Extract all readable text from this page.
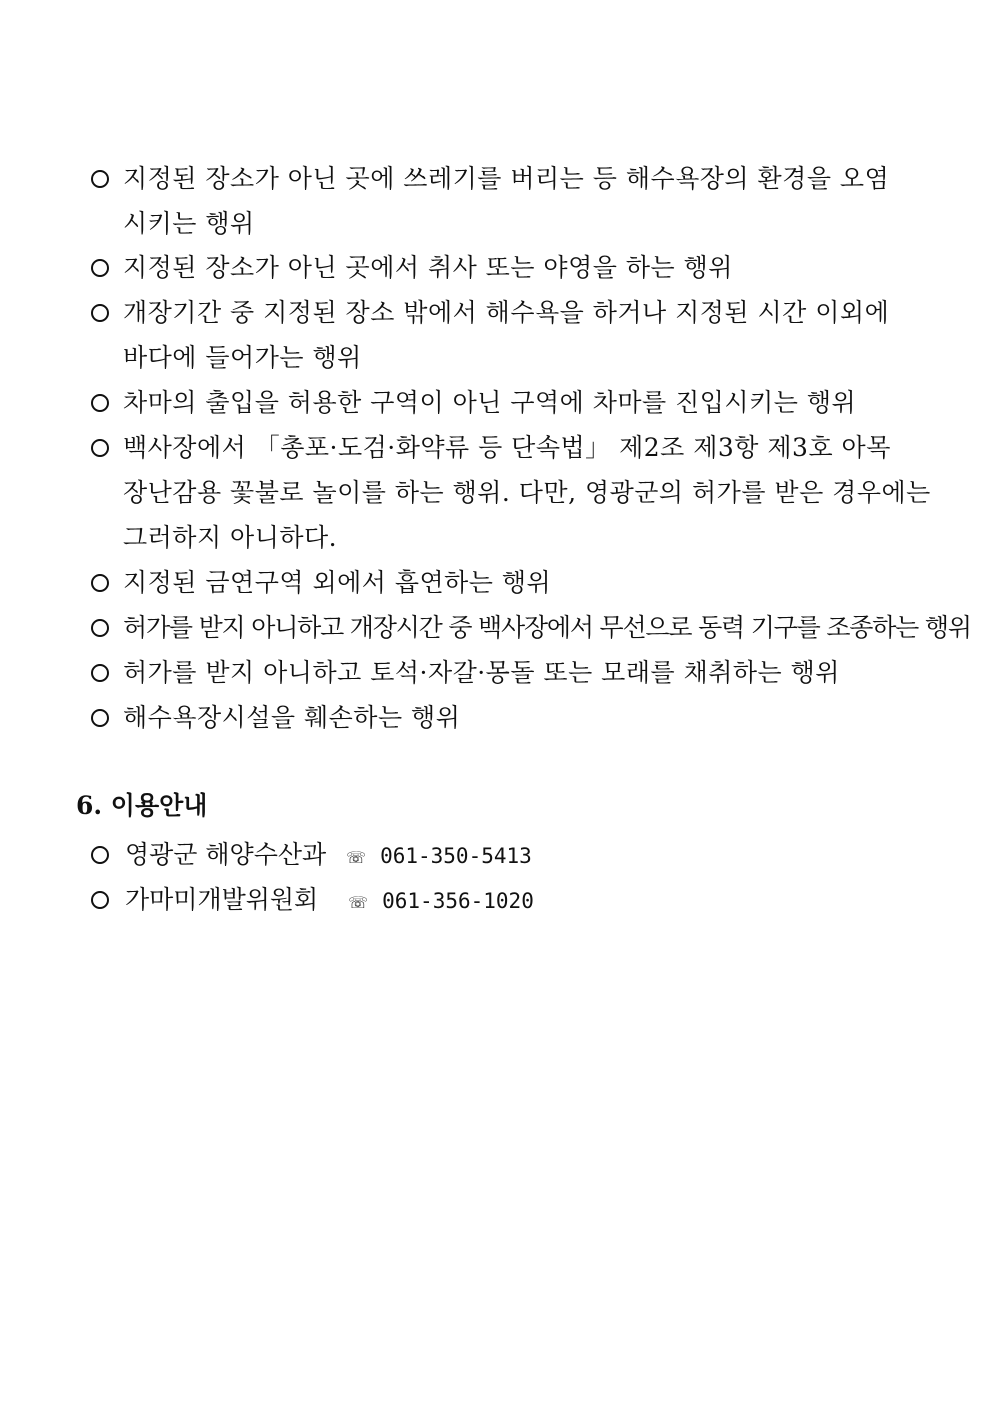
지정된 장소가 아닌 곳에 쓰레기를 버리는 등 해수욕장의 환경을 오염
시키는 행위
지정된 장소가 아닌 곳에서 취사 또는 야영을 하는 행위
개장기간 중 지정된 장소 밖에서 해수욕을 하거나 지정된 시간 이외에
바다에 들어가는 행위
차마의 출입을 허용한 구역이 아닌 구역에 차마를 진입시키는 행위
백사장에서 「총포·도검·화약류 등 단속법」 제2조 제3항 제3호 아목
장난감용 꽃불로 놀이를 하는 행위. 다만, 영광군의 허가를 받은 경우에는
그러하지 아니하다.
지정된 금연구역 외에서 흡연하는 행위
허가를 받지 아니하고 개장시간 중 백사장에서 무선으로 동력 기구를 조종하는 행위
허가를 받지 아니하고 토석·자갈·몽돌 또는 모래를 채취하는 행위
해수욕장시설을 훼손하는 행위
6. 이용안내
영광군 해양수산과 ☏ 061-350-5413
가마미개발위원회 ☏ 061-356-1020
